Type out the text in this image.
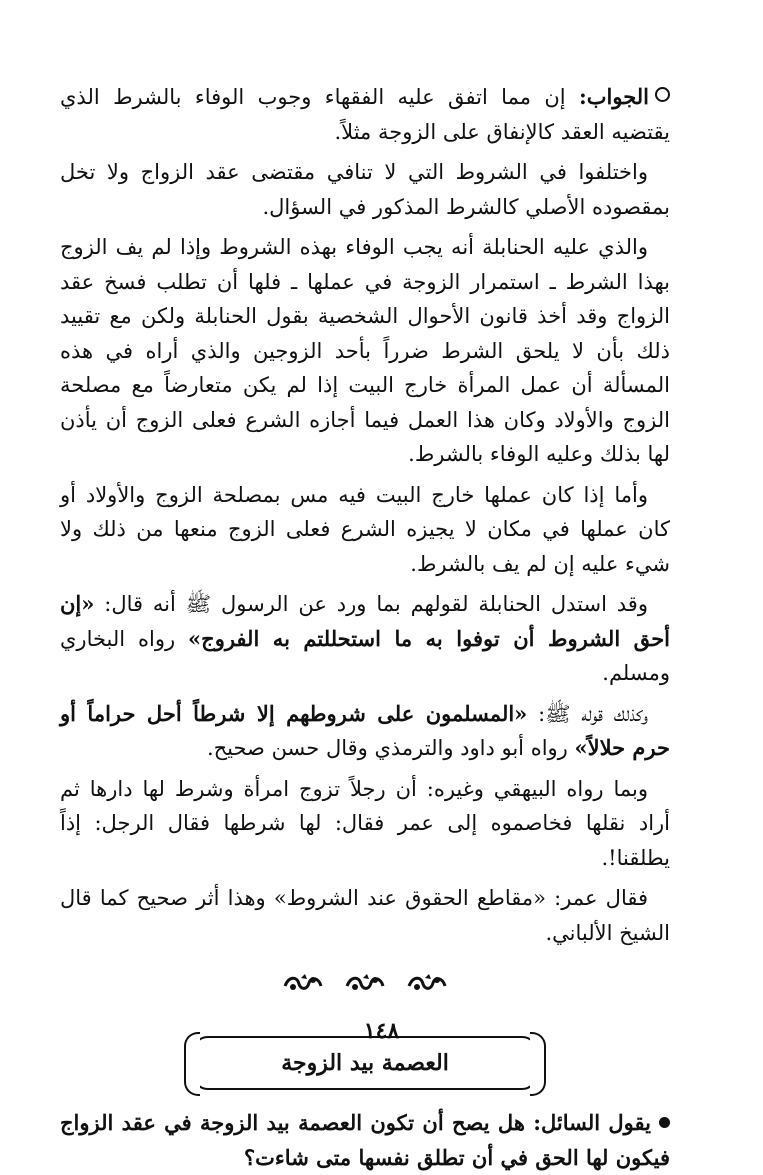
الجواب: إن مما اتفق عليه الفقهاء وجوب الوفاء بالشرط الذي يقتضيه العقد كالإنفاق على الزوجة مثلاً.

واختلفوا في الشروط التي لا تنافي مقتضى عقد الزواج ولا تخل بمقصوده الأصلي كالشرط المذكور في السؤال.

والذي عليه الحنابلة أنه يجب الوفاء بهذه الشروط وإذا لم يف الزوج بهذا الشرط ـ استمرار الزوجة في عملها ـ فلها أن تطلب فسخ عقد الزواج وقد أخذ قانون الأحوال الشخصية بقول الحنابلة ولكن مع تقييد ذلك بأن لا يلحق الشرط ضرراً بأحد الزوجين والذي أراه في هذه المسألة أن عمل المرأة خارج البيت إذا لم يكن متعارضاً مع مصلحة الزوج والأولاد وكان هذا العمل فيما أجازه الشرع فعلى الزوج أن يأذن لها بذلك وعليه الوفاء بالشرط.

وأما إذا كان عملها خارج البيت فيه مس بمصلحة الزوج والأولاد أو كان عملها في مكان لا يجيزه الشرع فعلى الزوج منعها من ذلك ولا شيء عليه إن لم يف بالشرط.

وقد استدل الحنابلة لقولهم بما ورد عن الرسول ﷺ أنه قال: «إن أحق الشروط أن توفوا به ما استحللتم به الفروج» رواه البخاري ومسلم.

وكذلك قوله ﷺ: «المسلمون على شروطهم إلا شرطاً أحل حراماً أو حرم حلالاً» رواه أبو داود والترمذي وقال حسن صحيح.

وبما رواه البيهقي وغيره: أن رجلاً تزوج امرأة وشرط لها دارها ثم أراد نقلها فخاصموه إلى عمر فقال: لها شرطها فقال الرجل: إذاً يطلقنا!.

فقال عمر: «مقاطع الحقوق عند الشروط» وهذا أثر صحيح كما قال الشيخ الألباني.

العصمة بيد الزوجة

يقول السائل: هل يصح أن تكون العصمة بيد الزوجة في عقد الزواج فيكون لها الحق في أن تطلق نفسها متى شاءت؟

١٤٨
